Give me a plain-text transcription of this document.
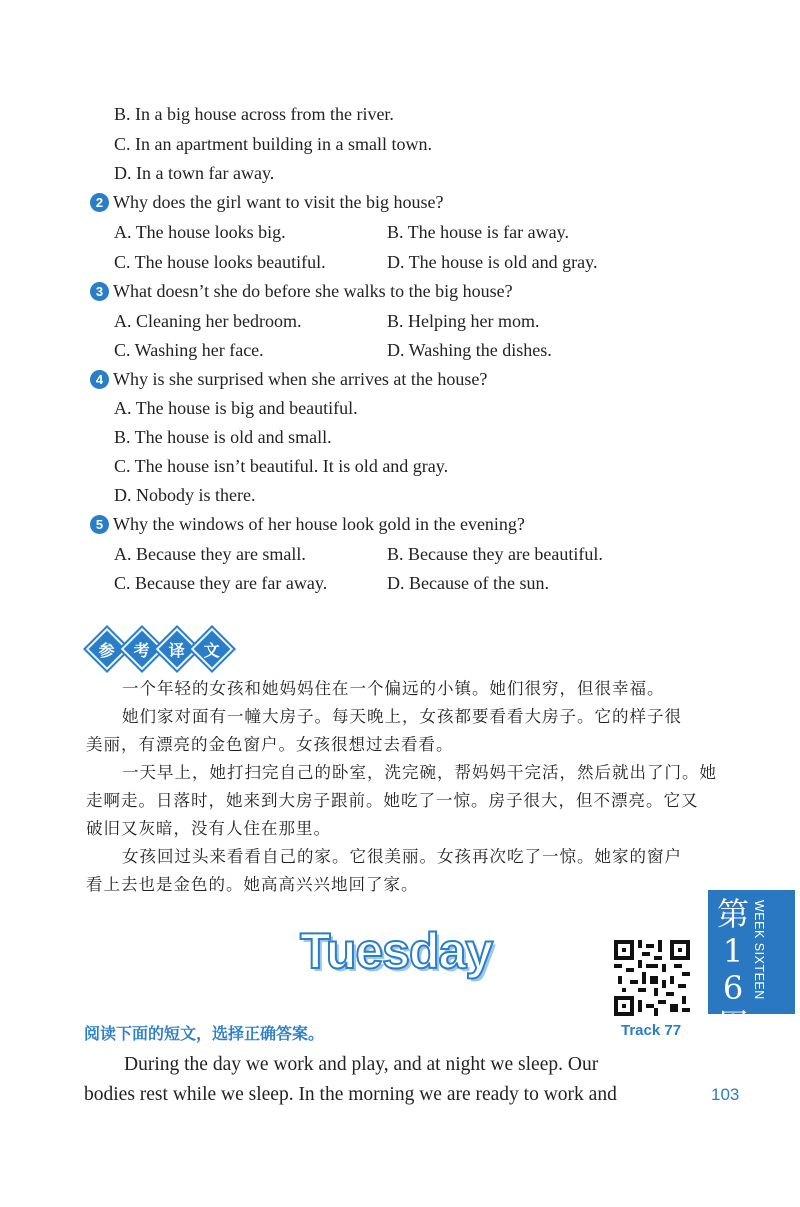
B. In a big house across from the river.
C. In an apartment building in a small town.
D. In a town far away.
2 Why does the girl want to visit the big house?
A. The house looks big.	B. The house is far away.
C. The house looks beautiful.	D. The house is old and gray.
3 What doesn’t she do before she walks to the big house?
A. Cleaning her bedroom.	B. Helping her mom.
C. Washing her face.	D. Washing the dishes.
4 Why is she surprised when she arrives at the house?
A. The house is big and beautiful.
B. The house is old and small.
C. The house isn’t beautiful. It is old and gray.
D. Nobody is there.
5 Why the windows of her house look gold in the evening?
A. Because they are small.	B. Because they are beautiful.
C. Because they are far away.	D. Because of the sun.
参 考 译 文
一个年轻的女孩和她妈妈住在一个偏远的小镇。她们很穷，但很幸福。
她们家对面有一幢大房子。每天晚上，女孩都要看看大房子。它的样子很
美丽，有漂亮的金色窗户。女孩很想过去看看。
一天早上，她打扫完自己的卧室，洗完碗，帮妈妈干完活，然后就出了门。她
走啊走。日落时，她来到大房子跟前。她吃了一惊。房子很大，但不漂亮。它又
破旧又灰暗，没有人住在那里。
女孩回过头来看看自己的家。它很美丽。女孩再次吃了一惊。她家的窗户
看上去也是金色的。她高高兴兴地回了家。
Tuesday
阅读下面的短文，选择正确答案。	Track 77
During the day we work and play, and at night we sleep. Our
bodies rest while we sleep. In the morning we are ready to work and
第16周
WEEK SIXTEEN
103
